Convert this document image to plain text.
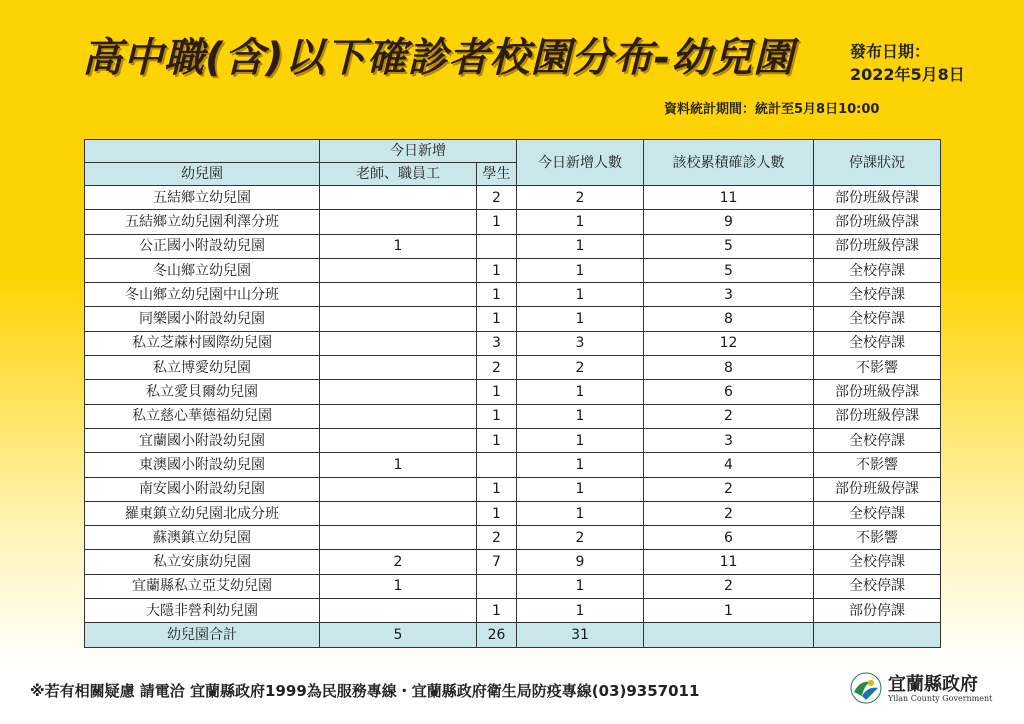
高中職(含)以下確診者校園分布-幼兒園	發布日期：
2022年5月8日
資料統計期間：統計至5月8日10:00
	今日新增		今日新增人數	該校累積確診人數	停課狀況
幼兒園	老師、職員工	學生			
五結鄉立幼兒園		2	2	11	部份班級停課
五結鄉立幼兒園利澤分班		1	1	9	部份班級停課
公正國小附設幼兒園	1		1	5	部份班級停課
冬山鄉立幼兒園		1	1	5	全校停課
冬山鄉立幼兒園中山分班		1	1	3	全校停課
同樂國小附設幼兒園		1	1	8	全校停課
私立芝蔴村國際幼兒園		3	3	12	全校停課
私立博愛幼兒園		2	2	8	不影響
私立愛貝爾幼兒園		1	1	6	部份班級停課
私立慈心華德福幼兒園		1	1	2	部份班級停課
宜蘭國小附設幼兒園		1	1	3	全校停課
東澳國小附設幼兒園	1		1	4	不影響
南安國小附設幼兒園		1	1	2	部份班級停課
羅東鎮立幼兒園北成分班		1	1	2	全校停課
蘇澳鎮立幼兒園		2	2	6	不影響
私立安康幼兒園	2	7	9	11	全校停課
宜蘭縣私立亞艾幼兒園	1		1	2	全校停課
大隱非營利幼兒園		1	1	1	部份停課
幼兒園合計	5	26	31		
※若有相關疑慮 請電洽 宜蘭縣政府1999為民服務專線・宜蘭縣政府衛生局防疫專線(03)9357011	宜蘭縣政府
Yilan County Government
